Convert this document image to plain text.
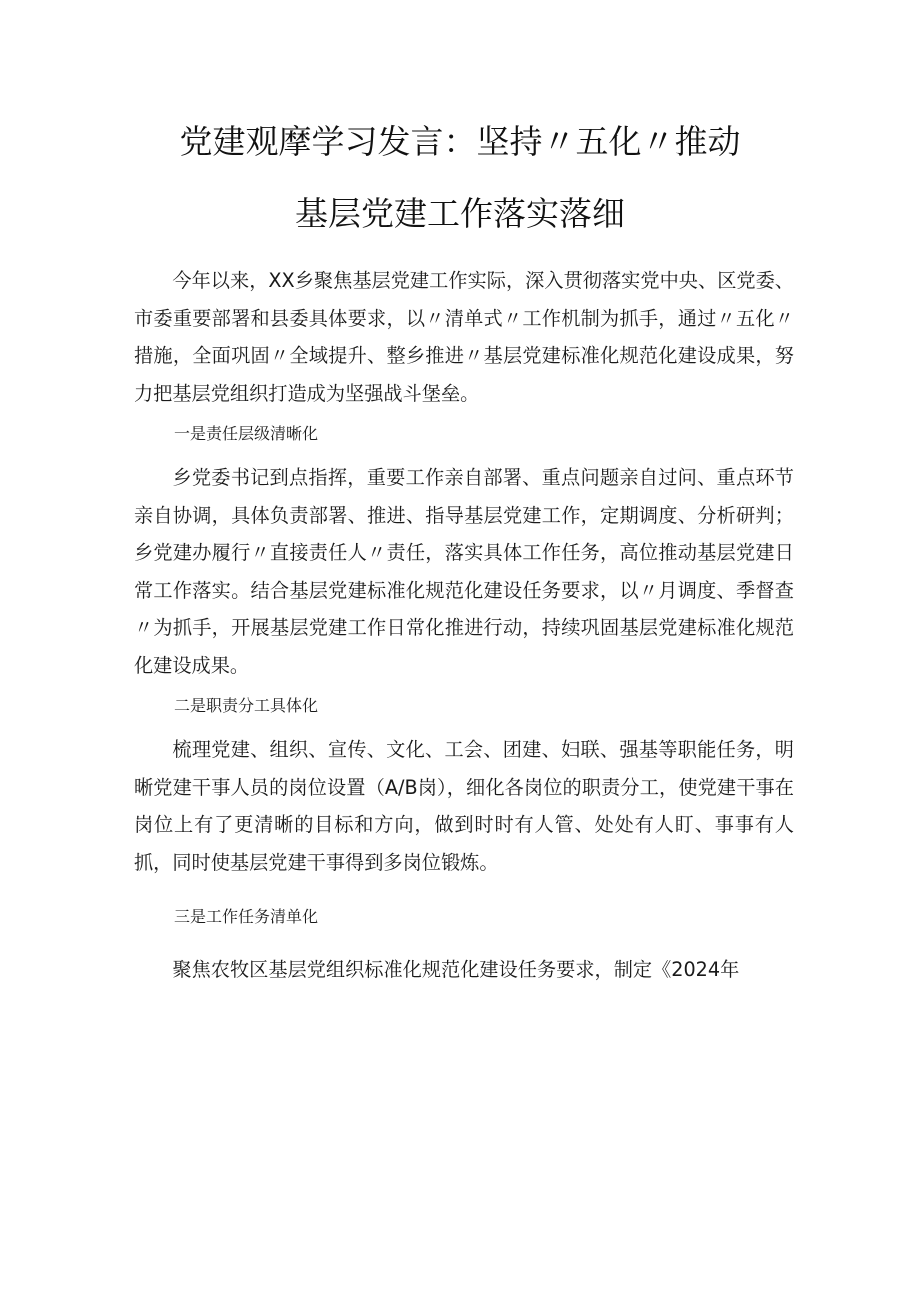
党建观摩学习发言：坚持〃五化〃推动
基层党建工作落实落细

今年以来，XX乡聚焦基层党建工作实际，深入贯彻落实党中央、区党委、市委重要部署和县委具体要求，以〃清单式〃工作机制为抓手，通过〃五化〃措施，全面巩固〃全域提升、整乡推进〃基层党建标准化规范化建设成果，努力把基层党组织打造成为坚强战斗堡垒。

一是责任层级清晰化

乡党委书记到点指挥，重要工作亲自部署、重点问题亲自过问、重点环节亲自协调，具体负责部署、推进、指导基层党建工作，定期调度、分析研判；乡党建办履行〃直接责任人〃责任，落实具体工作任务，高位推动基层党建日常工作落实。结合基层党建标准化规范化建设任务要求，以〃月调度、季督查〃为抓手，开展基层党建工作日常化推进行动，持续巩固基层党建标准化规范化建设成果。

二是职责分工具体化

梳理党建、组织、宣传、文化、工会、团建、妇联、强基等职能任务，明晰党建干事人员的岗位设置（A/B岗），细化各岗位的职责分工，使党建干事在岗位上有了更清晰的目标和方向，做到时时有人管、处处有人盯、事事有人抓，同时使基层党建干事得到多岗位锻炼。

三是工作任务清单化

聚焦农牧区基层党组织标准化规范化建设任务要求，制定《2024年
